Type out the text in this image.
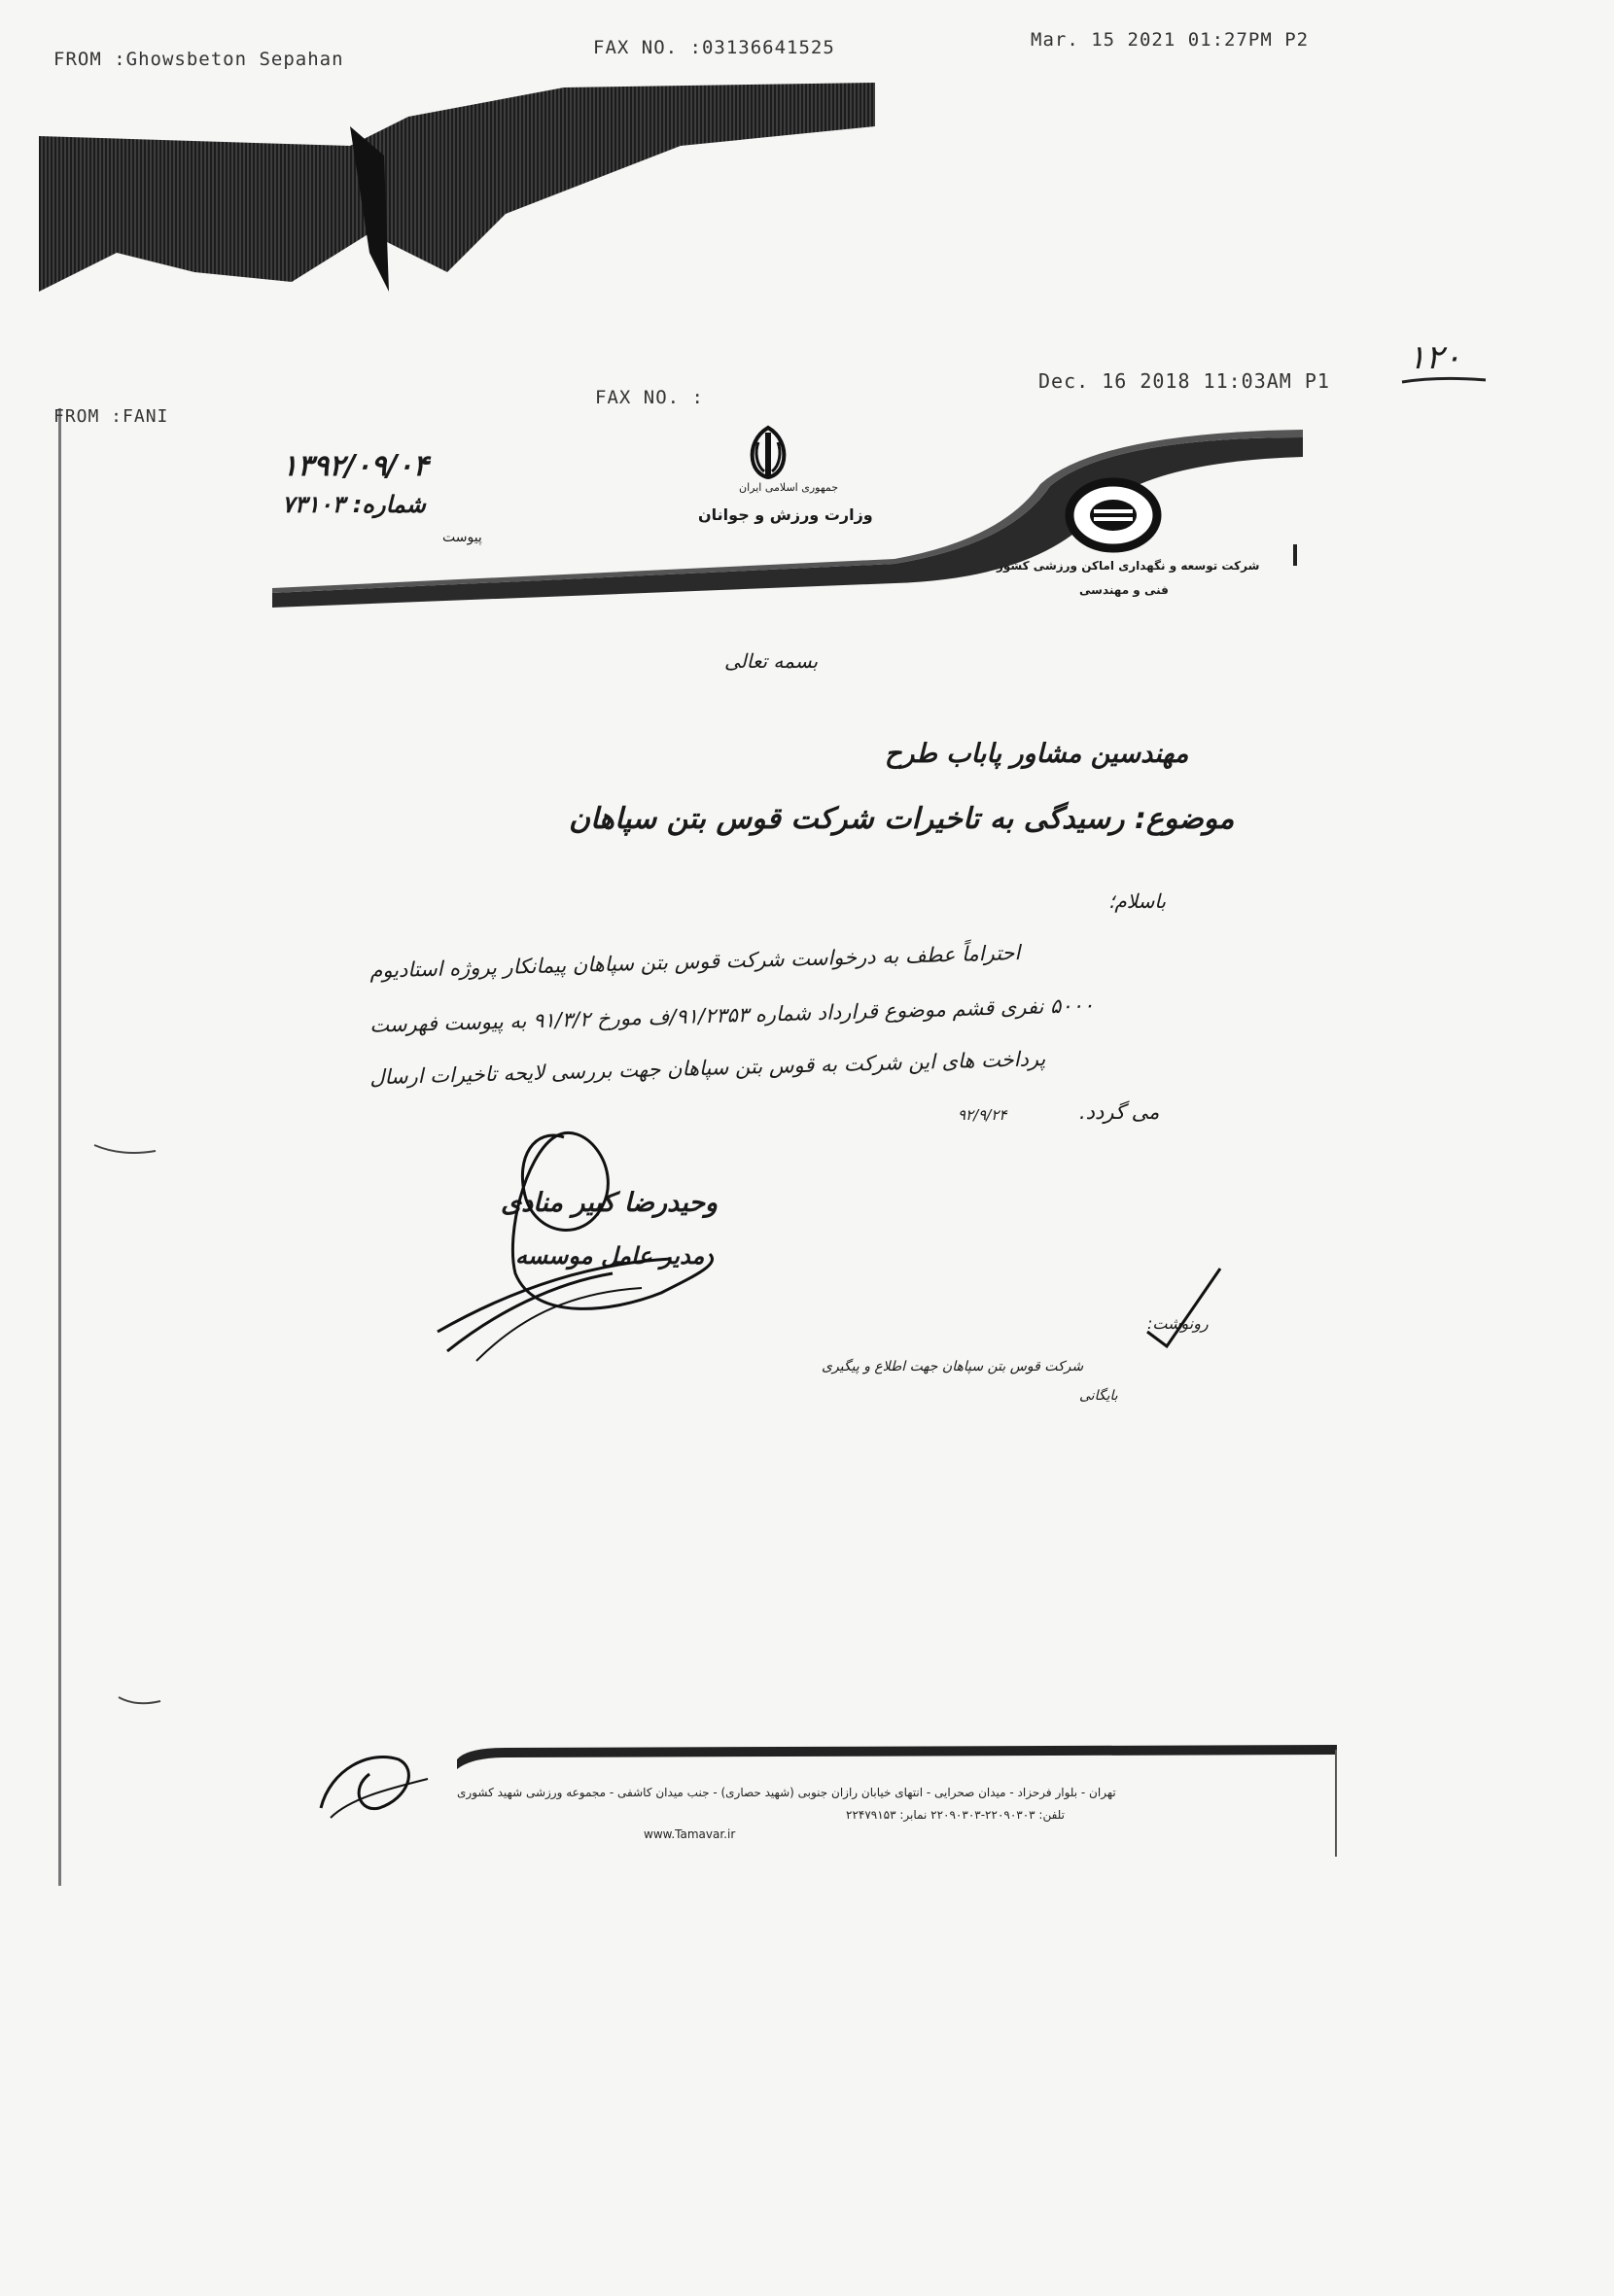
FROM :Ghowsbeton Sepahan
FAX NO. :03136641525	Mar. 15 2021 01:27PM P2
FROM :FANI
FAX NO. :
Dec. 16 2018 11:03AM P1
۱۲۰
۱۳۹۲/۰۹/۰۴
شماره: ۷۳۱۰۳
پیوست
جمهوری اسلامی ایران
وزارت ورزش و جوانان
شرکت توسعه و نگهداری اماکن ورزشی کشور
فنی و مهندسی
بسمه تعالی
مهندسین مشاور پاباب طرح
موضوع: رسیدگی به تاخیرات شرکت قوس بتن سپاهان
باسلام؛
احتراماً عطف به درخواست شرکت قوس بتن سپاهان پیمانکار پروژه استادیوم
۵۰۰۰ نفری قشم موضوع قرارداد شماره ۹۱/۲۳۵۳/ف مورخ ۹۱/۳/۲ به پیوست فهرست
پرداخت های این شرکت به قوس بتن سپاهان جهت بررسی لایحه تاخیرات ارسال
می گردد.
۹۲/۹/۲۴
وحیدرضا کبیر منادی
مدیر عامل موسسه
رونوشت:
شرکت قوس بتن سپاهان جهت اطلاع و پیگیری
بایگانی
تهران - بلوار فرحزاد - میدان صحرایی - انتهای خیابان رازان جنوبی (شهید حصاری) - جنب میدان کاشفی - مجموعه ورزشی شهید کشوری
تلفن: ۲۲۰۹۰۳۰۳-۲۲۰۹۰۳۰۳ نمابر: ۲۲۴۷۹۱۵۳
www.Tamavar.ir
